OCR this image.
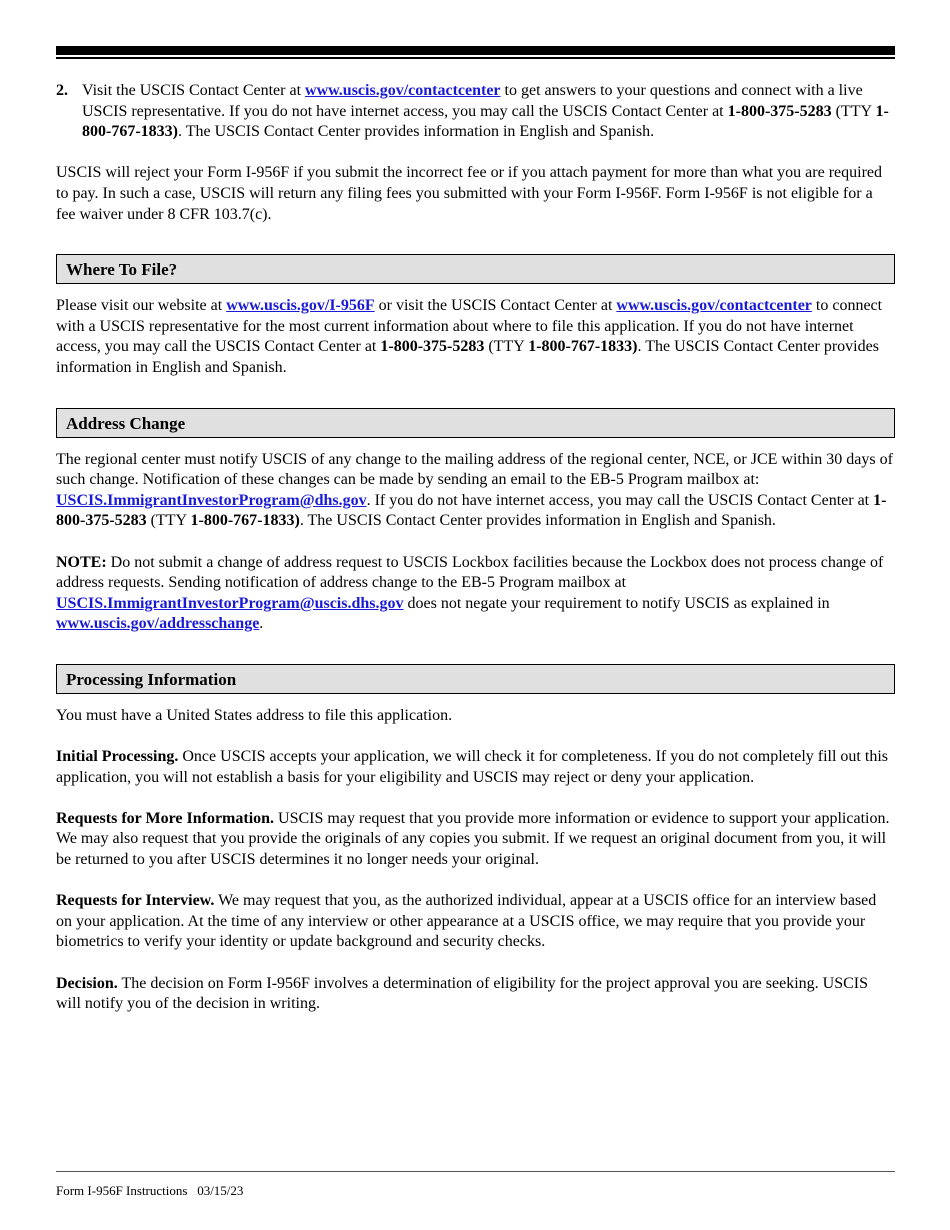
2. Visit the USCIS Contact Center at www.uscis.gov/contactcenter to get answers to your questions and connect with a live USCIS representative. If you do not have internet access, you may call the USCIS Contact Center at 1-800-375-5283 (TTY 1-800-767-1833). The USCIS Contact Center provides information in English and Spanish.

USCIS will reject your Form I-956F if you submit the incorrect fee or if you attach payment for more than what you are required to pay. In such a case, USCIS will return any filing fees you submitted with your Form I-956F. Form I-956F is not eligible for a fee waiver under 8 CFR 103.7(c).

Where To File?

Please visit our website at www.uscis.gov/I-956F or visit the USCIS Contact Center at www.uscis.gov/contactcenter to connect with a USCIS representative for the most current information about where to file this application. If you do not have internet access, you may call the USCIS Contact Center at 1-800-375-5283 (TTY 1-800-767-1833). The USCIS Contact Center provides information in English and Spanish.

Address Change

The regional center must notify USCIS of any change to the mailing address of the regional center, NCE, or JCE within 30 days of such change. Notification of these changes can be made by sending an email to the EB-5 Program mailbox at: USCIS.ImmigrantInvestorProgram@dhs.gov. If you do not have internet access, you may call the USCIS Contact Center at 1-800-375-5283 (TTY 1-800-767-1833). The USCIS Contact Center provides information in English and Spanish.

NOTE: Do not submit a change of address request to USCIS Lockbox facilities because the Lockbox does not process change of address requests. Sending notification of address change to the EB-5 Program mailbox at USCIS.ImmigrantInvestorProgram@uscis.dhs.gov does not negate your requirement to notify USCIS as explained in www.uscis.gov/addresschange.

Processing Information

You must have a United States address to file this application.

Initial Processing. Once USCIS accepts your application, we will check it for completeness. If you do not completely fill out this application, you will not establish a basis for your eligibility and USCIS may reject or deny your application.

Requests for More Information. USCIS may request that you provide more information or evidence to support your application. We may also request that you provide the originals of any copies you submit. If we request an original document from you, it will be returned to you after USCIS determines it no longer needs your original.

Requests for Interview. We may request that you, as the authorized individual, appear at a USCIS office for an interview based on your application. At the time of any interview or other appearance at a USCIS office, we may require that you provide your biometrics to verify your identity or update background and security checks.

Decision. The decision on Form I-956F involves a determination of eligibility for the project approval you are seeking. USCIS will notify you of the decision in writing.

Form I-956F Instructions   03/15/23
